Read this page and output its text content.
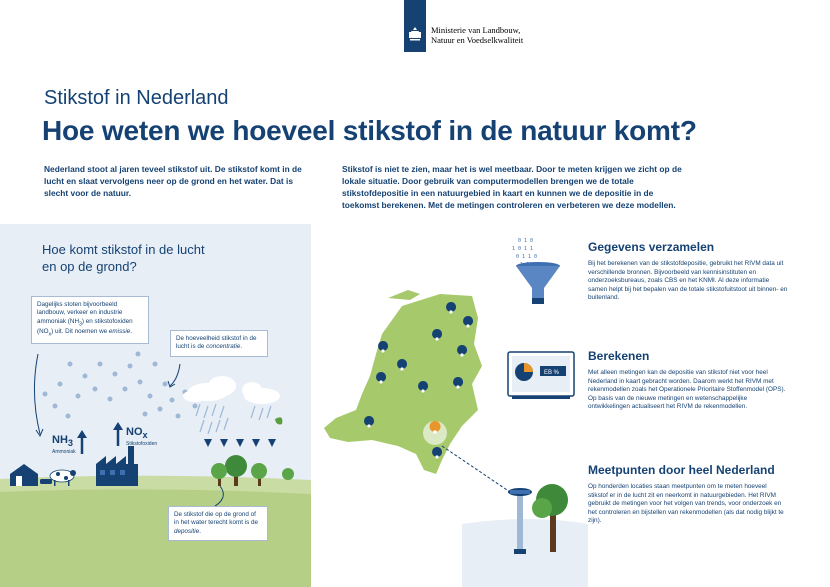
Ministerie van Landbouw,
Natuur en Voedselkwaliteit
Stikstof in Nederland
Hoe weten we hoeveel stikstof in de natuur komt?
Nederland stoot al jaren teveel stikstof uit. De stikstof komt in de lucht en slaat vervolgens neer op de grond en het water. Dat is slecht voor de natuur.
Stikstof is niet te zien, maar het is wel meetbaar. Door te meten krijgen we zicht op de lokale situatie. Door gebruik van computermodellen brengen we de totale stikstofdepositie in een natuurgebied in kaart en kunnen we de depositie in de toekomst berekenen. Met de metingen controleren en verbeteren we deze modellen.
Hoe komt stikstof in de lucht
en op de grond?
Dagelijks stoten bijvoorbeeld landbouw, verkeer en industrie ammoniak $(NH_3)$ en stikstofoxiden $(NO_x)$ uit. Dit noemen we emissie.
De hoeveelheid stikstof in de lucht is de concentratie.
De stikstof die op de grond of in het water terecht komt is de depositie.
$NH_3$
Ammoniak
$NO_x$
Stikstofoxiden
0 1 0
1 0 1 1
0 1 1 0
EB %
Gegevens verzamelen
Bij het berekenen van de stikstofdepositie, gebruikt het RIVM data uit verschillende bronnen. Bijvoorbeeld van kennisinstituten en onderzoeksbureaus, zoals CBS en het KNMI. Al deze informatie samen helpt bij het bepalen van de totale stikstofuitstoot uit binnen- en buitenland.
Berekenen
Met alleen metingen kan de depositie van stikstof niet voor heel Nederland in kaart gebracht worden. Daarom werkt het RIVM met rekenmodellen zoals het Operationele Prioritaire Stoffenmodel (OPS). Op basis van de nieuwe metingen en wetenschappelijke ontwikkelingen actualiseert het RIVM de rekenmodellen.
Meetpunten door heel Nederland
Op honderden locaties staan meetpunten om te meten hoeveel stikstof er in de lucht zit en neerkomt in natuurgebieden. Het RIVM gebruikt de metingen voor het volgen van trends, voor onderzoek en het controleren en bijstellen van rekenmodellen (als dat nodig blijkt te zijn).
